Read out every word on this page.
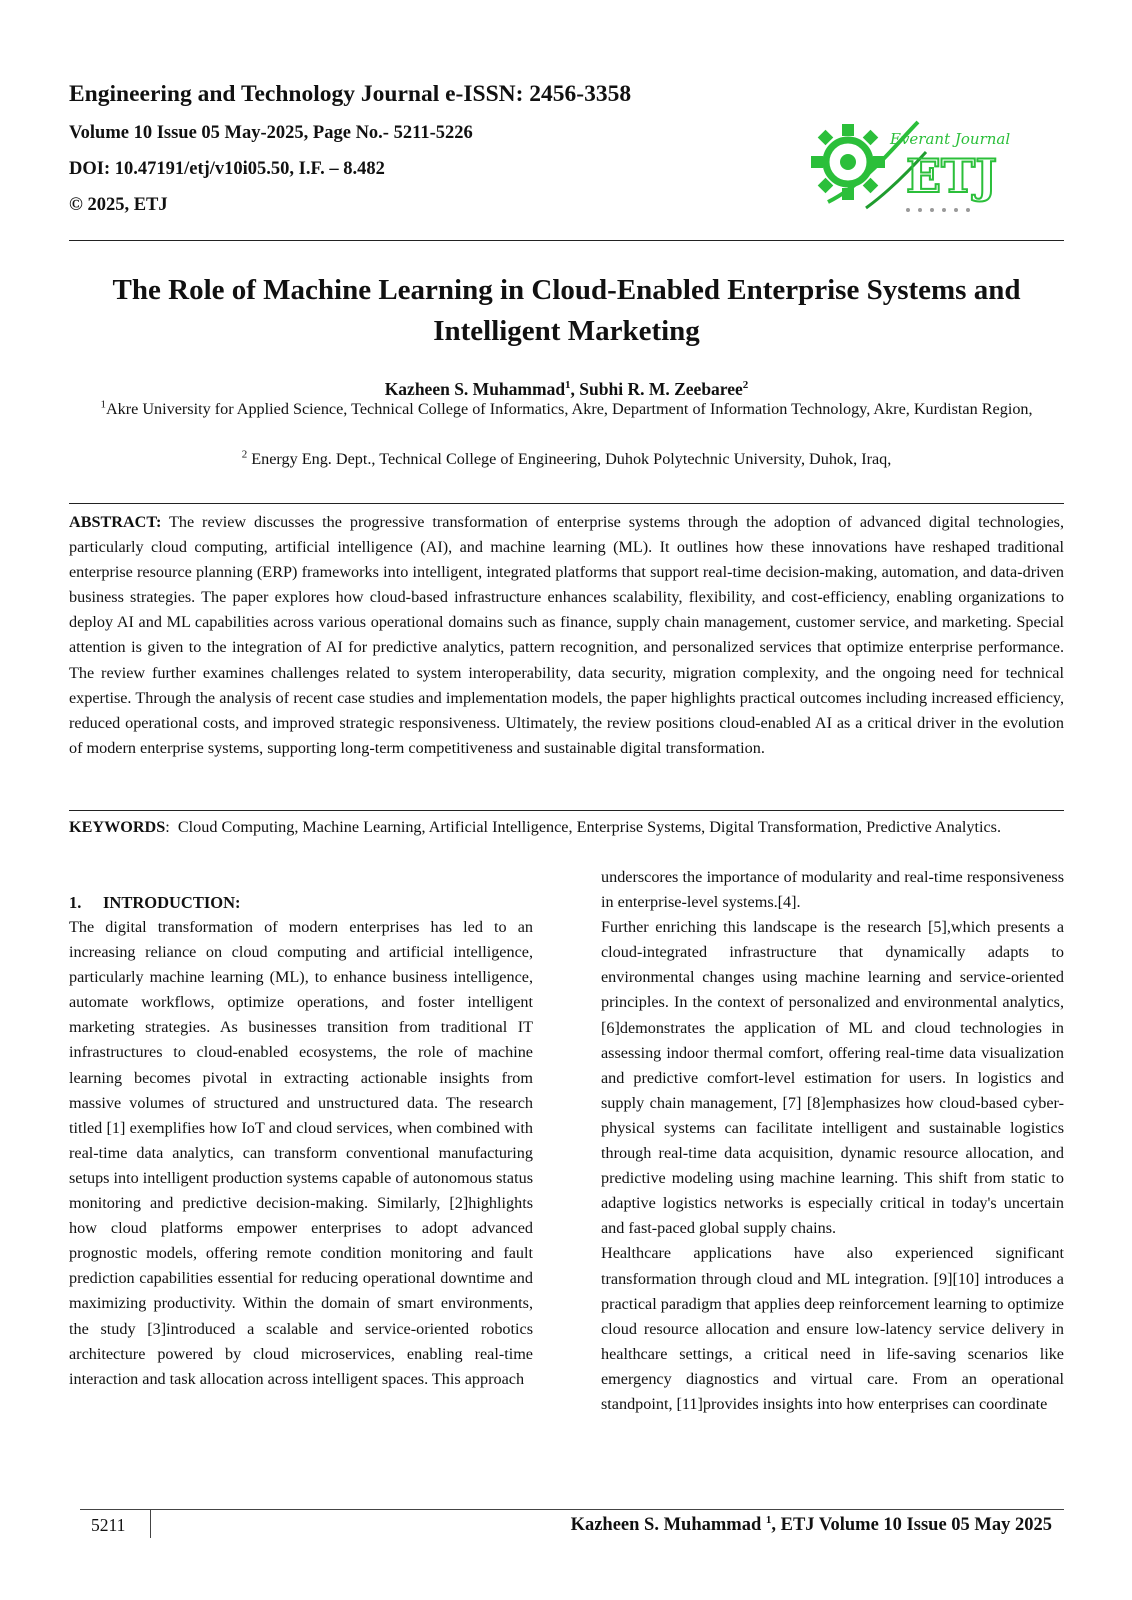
Engineering and Technology Journal e-ISSN: 2456-3358
Volume 10 Issue 05 May-2025, Page No.- 5211-5226
DOI: 10.47191/etj/v10i05.50, I.F. – 8.482
© 2025, ETJ
Everant Journal
ETJ
The Role of Machine Learning in Cloud-Enabled Enterprise Systems and Intelligent Marketing
Kazheen S. Muhammad$^1$, Subhi R. M. Zeebaree$^2$
$^1$Akre University for Applied Science, Technical College of Informatics, Akre, Department of Information Technology, Akre, Kurdistan Region,
$^2$ Energy Eng. Dept., Technical College of Engineering, Duhok Polytechnic University, Duhok, Iraq,
ABSTRACT: The review discusses the progressive transformation of enterprise systems through the adoption of advanced digital technologies, particularly cloud computing, artificial intelligence (AI), and machine learning (ML). It outlines how these innovations have reshaped traditional enterprise resource planning (ERP) frameworks into intelligent, integrated platforms that support real-time decision-making, automation, and data-driven business strategies. The paper explores how cloud-based infrastructure enhances scalability, flexibility, and cost-efficiency, enabling organizations to deploy AI and ML capabilities across various operational domains such as finance, supply chain management, customer service, and marketing. Special attention is given to the integration of AI for predictive analytics, pattern recognition, and personalized services that optimize enterprise performance. The review further examines challenges related to system interoperability, data security, migration complexity, and the ongoing need for technical expertise. Through the analysis of recent case studies and implementation models, the paper highlights practical outcomes including increased efficiency, reduced operational costs, and improved strategic responsiveness. Ultimately, the review positions cloud-enabled AI as a critical driver in the evolution of modern enterprise systems, supporting long-term competitiveness and sustainable digital transformation.
KEYWORDS:  Cloud Computing, Machine Learning, Artificial Intelligence, Enterprise Systems, Digital Transformation, Predictive Analytics.
1. INTRODUCTION:

The digital transformation of modern enterprises has led to an increasing reliance on cloud computing and artificial intelligence, particularly machine learning (ML), to enhance business intelligence, automate workflows, optimize operations, and foster intelligent marketing strategies. As businesses transition from traditional IT infrastructures to cloud-enabled ecosystems, the role of machine learning becomes pivotal in extracting actionable insights from massive volumes of structured and unstructured data. The research titled [1] exemplifies how IoT and cloud services, when combined with real-time data analytics, can transform conventional manufacturing setups into intelligent production systems capable of autonomous status monitoring and predictive decision-making. Similarly, [2]highlights how cloud platforms empower enterprises to adopt advanced prognostic models, offering remote condition monitoring and fault prediction capabilities essential for reducing operational downtime and maximizing productivity. Within the domain of smart environments, the study [3]introduced a scalable and service-oriented robotics architecture powered by cloud microservices, enabling real-time interaction and task allocation across intelligent spaces. This approach

underscores the importance of modularity and real-time responsiveness in enterprise-level systems.[4].

Further enriching this landscape is the research [5],which presents a cloud-integrated infrastructure that dynamically adapts to environmental changes using machine learning and service-oriented principles. In the context of personalized and environmental analytics, [6]demonstrates the application of ML and cloud technologies in assessing indoor thermal comfort, offering real-time data visualization and predictive comfort-level estimation for users. In logistics and supply chain management, [7] [8]emphasizes how cloud-based cyber-physical systems can facilitate intelligent and sustainable logistics through real-time data acquisition, dynamic resource allocation, and predictive modeling using machine learning. This shift from static to adaptive logistics networks is especially critical in today's uncertain and fast-paced global supply chains.

Healthcare applications have also experienced significant transformation through cloud and ML integration. [9][10] introduces a practical paradigm that applies deep reinforcement learning to optimize cloud resource allocation and ensure low-latency service delivery in healthcare settings, a critical need in life-saving scenarios like emergency diagnostics and virtual care. From an operational standpoint, [11]provides insights into how enterprises can coordinate

5211	Kazheen S. Muhammad $^1$, ETJ Volume 10 Issue 05 May 2025
